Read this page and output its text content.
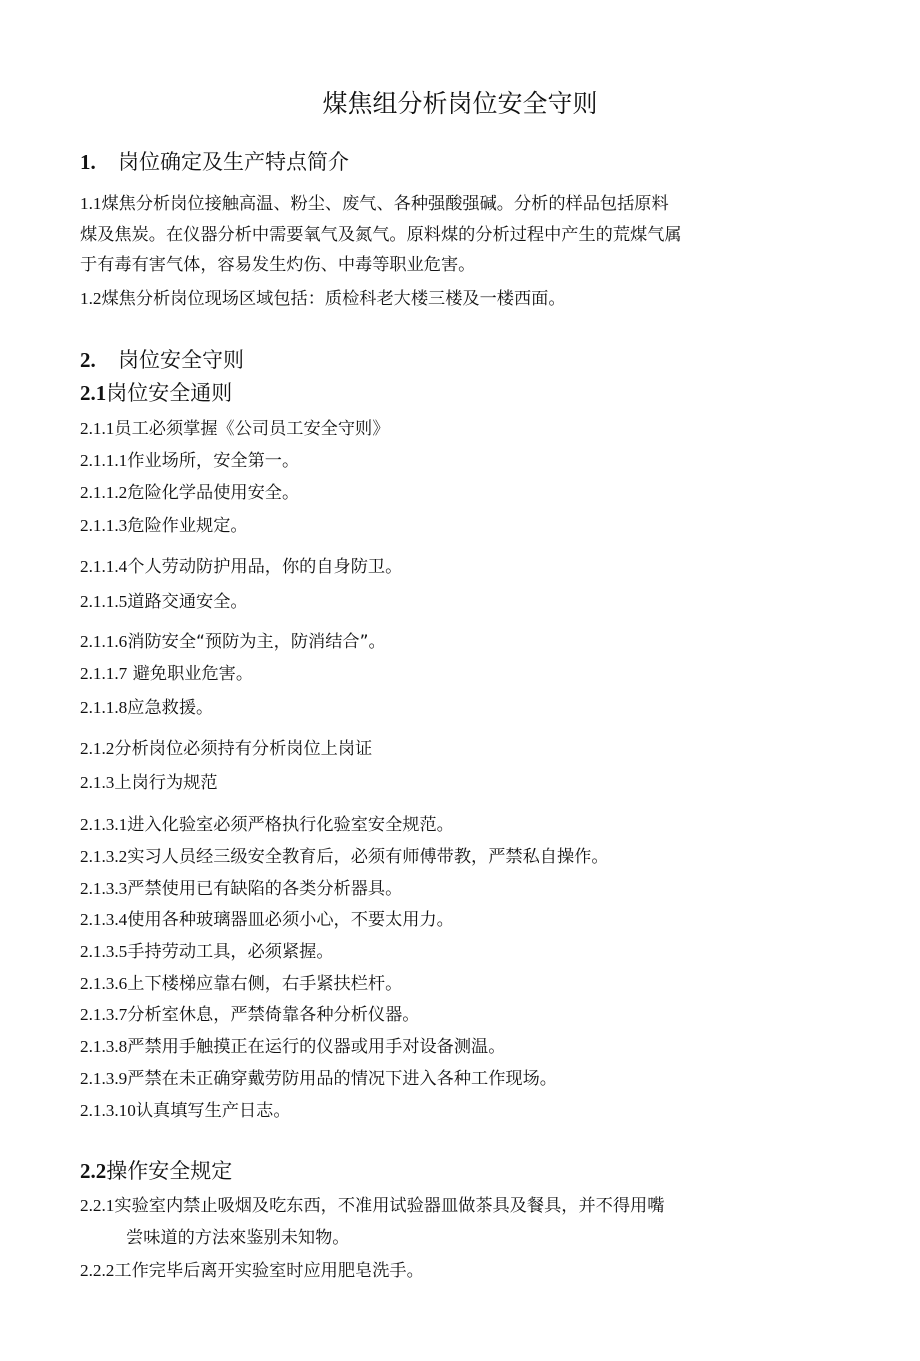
煤焦组分析岗位安全守则
1. 岗位确定及生产特点简介
1.1煤焦分析岗位接触高温、粉尘、废气、各种强酸强碱。分析的样品包括原料
煤及焦炭。在仪器分析中需要氧气及氮气。原料煤的分析过程中产生的荒煤气属
于有毒有害气体，容易发生灼伤、中毒等职业危害。
1.2煤焦分析岗位现场区域包括：质检科老大楼三楼及一楼西面。
2. 岗位安全守则
2.1岗位安全通则
2.1.1员工必须掌握《公司员工安全守则》
2.1.1.1作业场所，安全第一。
2.1.1.2危险化学品使用安全。
2.1.1.3危险作业规定。
2.1.1.4个人劳动防护用品，你的自身防卫。
2.1.1.5道路交通安全。
2.1.1.6消防安全“预防为主，防消结合”。
2.1.1.7 避免职业危害。
2.1.1.8应急救援。
2.1.2分析岗位必须持有分析岗位上岗证
2.1.3上岗行为规范
2.1.3.1进入化验室必须严格执行化验室安全规范。
2.1.3.2实习人员经三级安全教育后，必须有师傅带教，严禁私自操作。
2.1.3.3严禁使用已有缺陷的各类分析器具。
2.1.3.4使用各种玻璃器皿必须小心，不要太用力。
2.1.3.5手持劳动工具，必须紧握。
2.1.3.6上下楼梯应靠右侧，右手紧扶栏杆。
2.1.3.7分析室休息，严禁倚靠各种分析仪器。
2.1.3.8严禁用手触摸正在运行的仪器或用手对设备测温。
2.1.3.9严禁在未正确穿戴劳防用品的情况下进入各种工作现场。
2.1.3.10认真填写生产日志。
2.2操作安全规定
2.2.1实验室内禁止吸烟及吃东西，不准用试验器皿做茶具及餐具，并不得用嘴
尝味道的方法來鉴别未知物。
2.2.2工作完毕后离开实验室时应用肥皂洗手。
